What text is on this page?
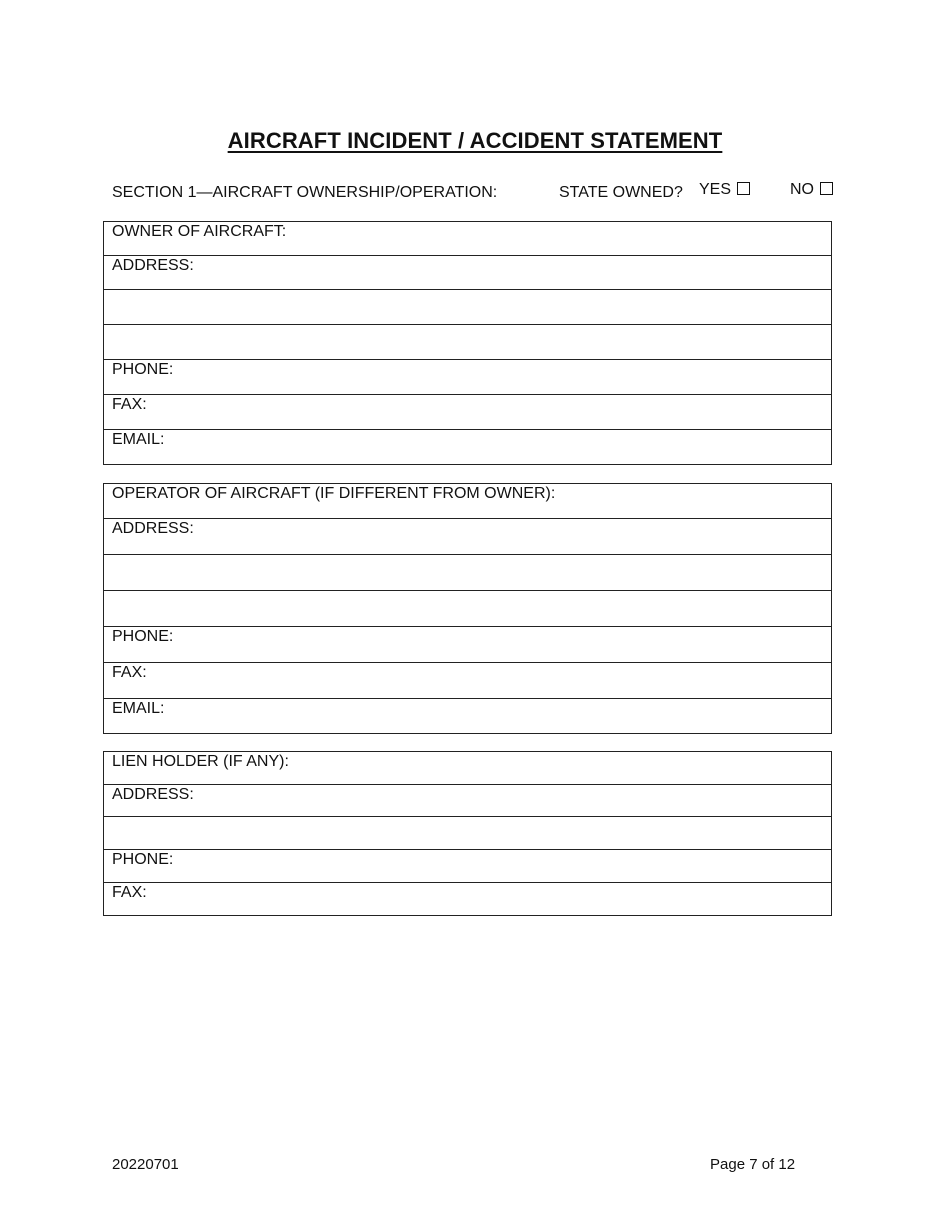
AIRCRAFT INCIDENT / ACCIDENT STATEMENT
SECTION 1—AIRCRAFT OWNERSHIP/OPERATION:	STATE OWNED? YES	NO
OWNER OF AIRCRAFT:
ADDRESS:
PHONE:
FAX:
EMAIL:
OPERATOR OF AIRCRAFT (IF DIFFERENT FROM OWNER):
ADDRESS:
PHONE:
FAX:
EMAIL:
LIEN HOLDER (IF ANY):
ADDRESS:
PHONE:
FAX:
20220701	Page 7 of 12
